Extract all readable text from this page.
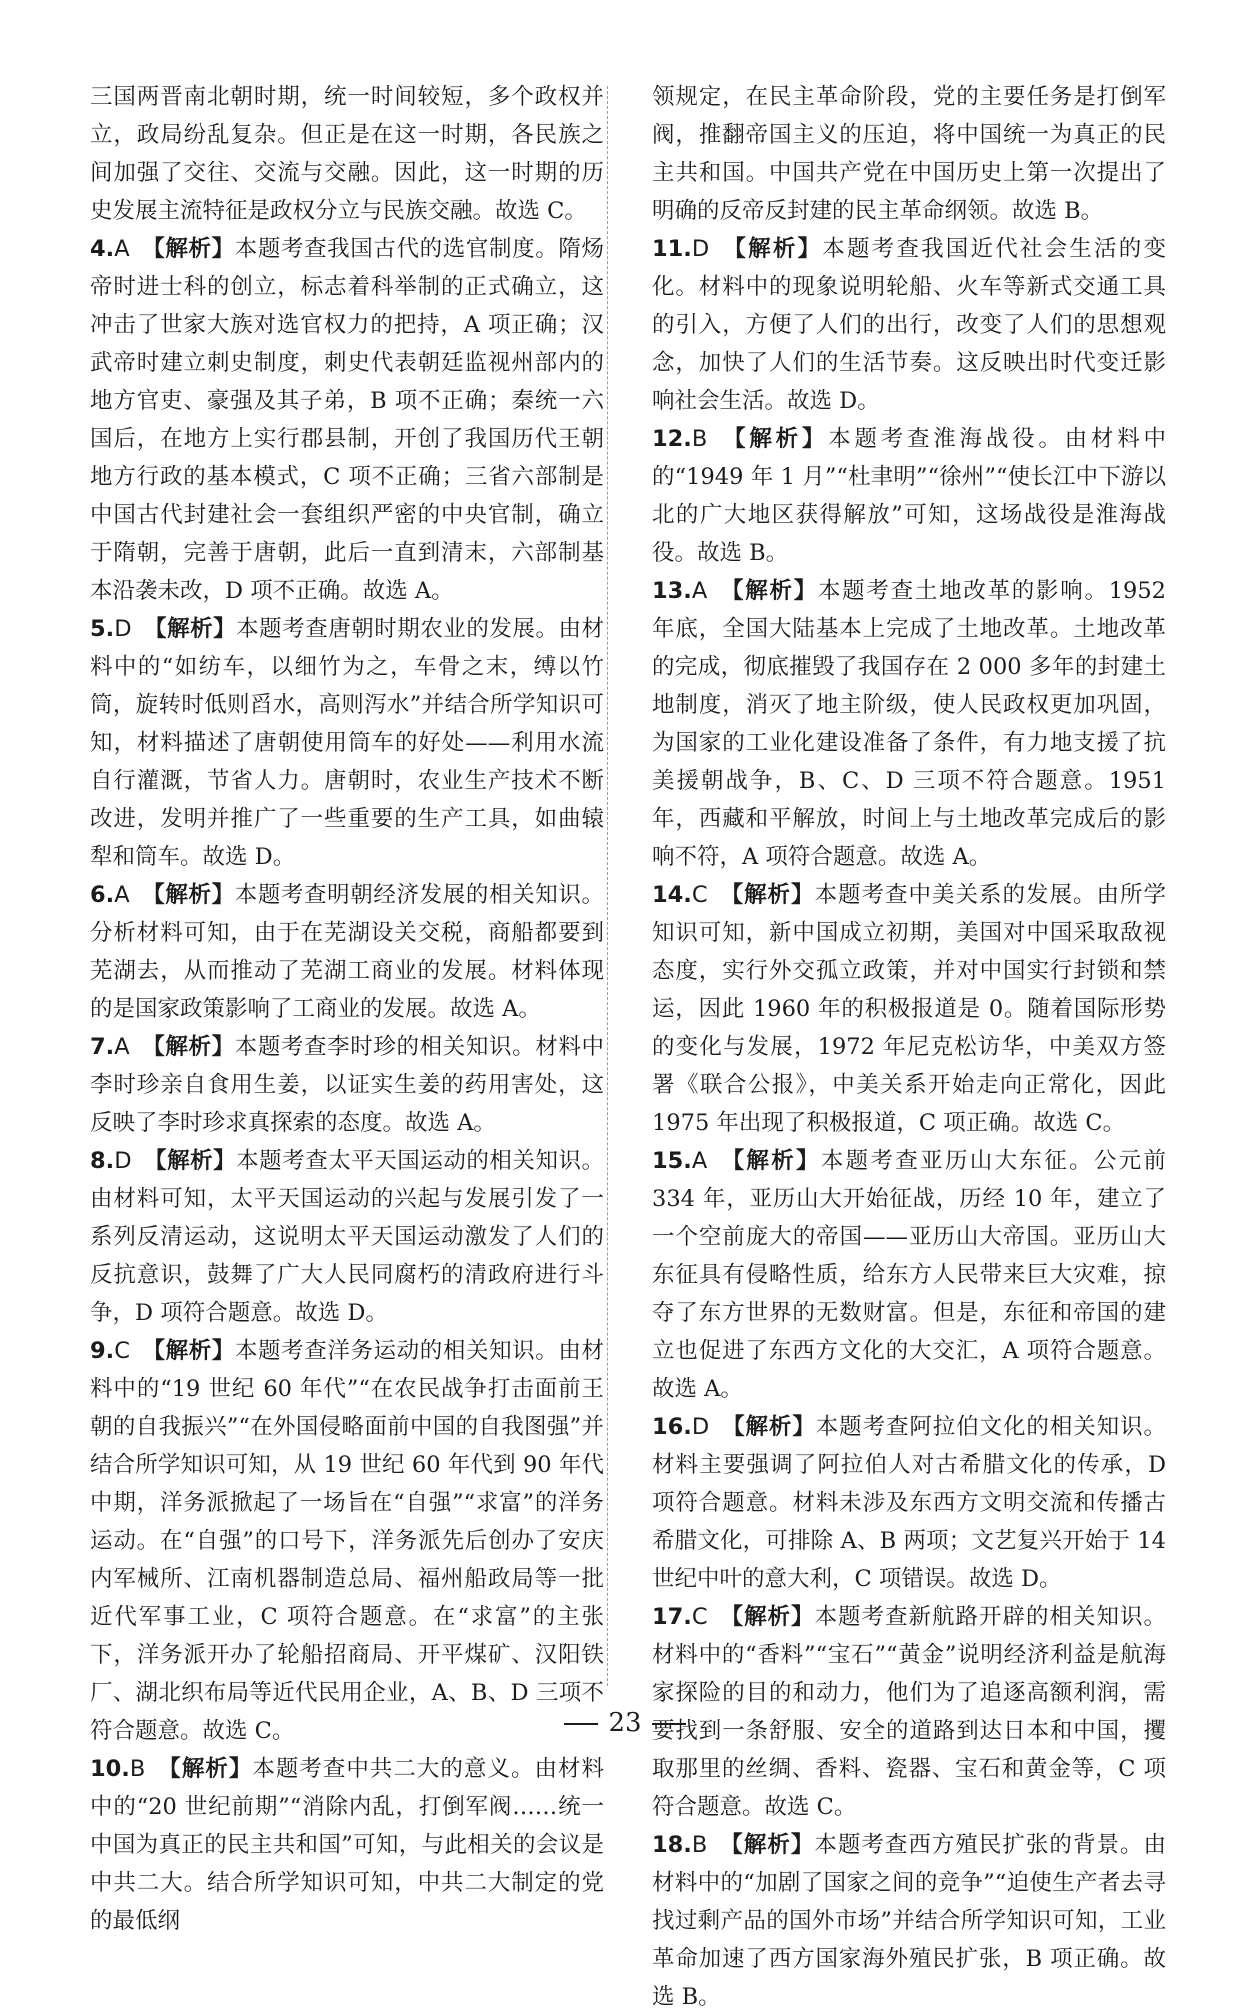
三国两晋南北朝时期，统一时间较短，多个政权并立，政局纷乱复杂。但正是在这一时期，各民族之间加强了交往、交流与交融。因此，这一时期的历史发展主流特征是政权分立与民族交融。故选 C。

4.A 【解析】本题考查我国古代的选官制度。隋炀帝时进士科的创立，标志着科举制的正式确立，这冲击了世家大族对选官权力的把持，A 项正确；汉武帝时建立刺史制度，刺史代表朝廷监视州部内的地方官吏、豪强及其子弟，B 项不正确；秦统一六国后，在地方上实行郡县制，开创了我国历代王朝地方行政的基本模式，C 项不正确；三省六部制是中国古代封建社会一套组织严密的中央官制，确立于隋朝，完善于唐朝，此后一直到清末，六部制基本沿袭未改，D 项不正确。故选 A。

5.D 【解析】本题考查唐朝时期农业的发展。由材料中的“如纺车，以细竹为之，车骨之末，缚以竹筒，旋转时低则舀水，高则泻水”并结合所学知识可知，材料描述了唐朝使用筒车的好处——利用水流自行灌溉，节省人力。唐朝时，农业生产技术不断改进，发明并推广了一些重要的生产工具，如曲辕犁和筒车。故选 D。

6.A 【解析】本题考查明朝经济发展的相关知识。分析材料可知，由于在芜湖设关交税，商船都要到芜湖去，从而推动了芜湖工商业的发展。材料体现的是国家政策影响了工商业的发展。故选 A。

7.A 【解析】本题考查李时珍的相关知识。材料中李时珍亲自食用生姜，以证实生姜的药用害处，这反映了李时珍求真探索的态度。故选 A。

8.D 【解析】本题考查太平天国运动的相关知识。由材料可知，太平天国运动的兴起与发展引发了一系列反清运动，这说明太平天国运动激发了人们的反抗意识，鼓舞了广大人民同腐朽的清政府进行斗争，D 项符合题意。故选 D。

9.C 【解析】本题考查洋务运动的相关知识。由材料中的“19 世纪 60 年代”“在农民战争打击面前王朝的自我振兴”“在外国侵略面前中国的自我图强”并结合所学知识可知，从 19 世纪 60 年代到 90 年代中期，洋务派掀起了一场旨在“自强”“求富”的洋务运动。在“自强”的口号下，洋务派先后创办了安庆内军械所、江南机器制造总局、福州船政局等一批近代军事工业，C 项符合题意。在“求富”的主张下，洋务派开办了轮船招商局、开平煤矿、汉阳铁厂、湖北织布局等近代民用企业，A、B、D 三项不符合题意。故选 C。

10.B 【解析】本题考查中共二大的意义。由材料中的“20 世纪前期”“消除内乱，打倒军阀……统一中国为真正的民主共和国”可知，与此相关的会议是中共二大。结合所学知识可知，中共二大制定的党的最低纲

领规定，在民主革命阶段，党的主要任务是打倒军阀，推翻帝国主义的压迫，将中国统一为真正的民主共和国。中国共产党在中国历史上第一次提出了明确的反帝反封建的民主革命纲领。故选 B。

11.D 【解析】本题考查我国近代社会生活的变化。材料中的现象说明轮船、火车等新式交通工具的引入，方便了人们的出行，改变了人们的思想观念，加快了人们的生活节奏。这反映出时代变迁影响社会生活。故选 D。

12.B 【解析】本题考查淮海战役。由材料中的“1949 年 1 月”“杜聿明”“徐州”“使长江中下游以北的广大地区获得解放”可知，这场战役是淮海战役。故选 B。

13.A 【解析】本题考查土地改革的影响。1952 年底，全国大陆基本上完成了土地改革。土地改革的完成，彻底摧毁了我国存在 2 000 多年的封建土地制度，消灭了地主阶级，使人民政权更加巩固，为国家的工业化建设准备了条件，有力地支援了抗美援朝战争，B、C、D 三项不符合题意。1951 年，西藏和平解放，时间上与土地改革完成后的影响不符，A 项符合题意。故选 A。

14.C 【解析】本题考查中美关系的发展。由所学知识可知，新中国成立初期，美国对中国采取敌视态度，实行外交孤立政策，并对中国实行封锁和禁运，因此 1960 年的积极报道是 0。随着国际形势的变化与发展，1972 年尼克松访华，中美双方签署《联合公报》，中美关系开始走向正常化，因此 1975 年出现了积极报道，C 项正确。故选 C。

15.A 【解析】本题考查亚历山大东征。公元前 334 年，亚历山大开始征战，历经 10 年，建立了一个空前庞大的帝国——亚历山大帝国。亚历山大东征具有侵略性质，给东方人民带来巨大灾难，掠夺了东方世界的无数财富。但是，东征和帝国的建立也促进了东西方文化的大交汇，A 项符合题意。故选 A。

16.D 【解析】本题考查阿拉伯文化的相关知识。材料主要强调了阿拉伯人对古希腊文化的传承，D 项符合题意。材料未涉及东西方文明交流和传播古希腊文化，可排除 A、B 两项；文艺复兴开始于 14 世纪中叶的意大利，C 项错误。故选 D。

17.C 【解析】本题考查新航路开辟的相关知识。材料中的“香料”“宝石”“黄金”说明经济利益是航海家探险的目的和动力，他们为了追逐高额利润，需要找到一条舒服、安全的道路到达日本和中国，攫取那里的丝绸、香料、瓷器、宝石和黄金等，C 项符合题意。故选 C。

18.B 【解析】本题考查西方殖民扩张的背景。由材料中的“加剧了国家之间的竞争”“迫使生产者去寻找过剩产品的国外市场”并结合所学知识可知，工业革命加速了西方国家海外殖民扩张，B 项正确。故选 B。

23
